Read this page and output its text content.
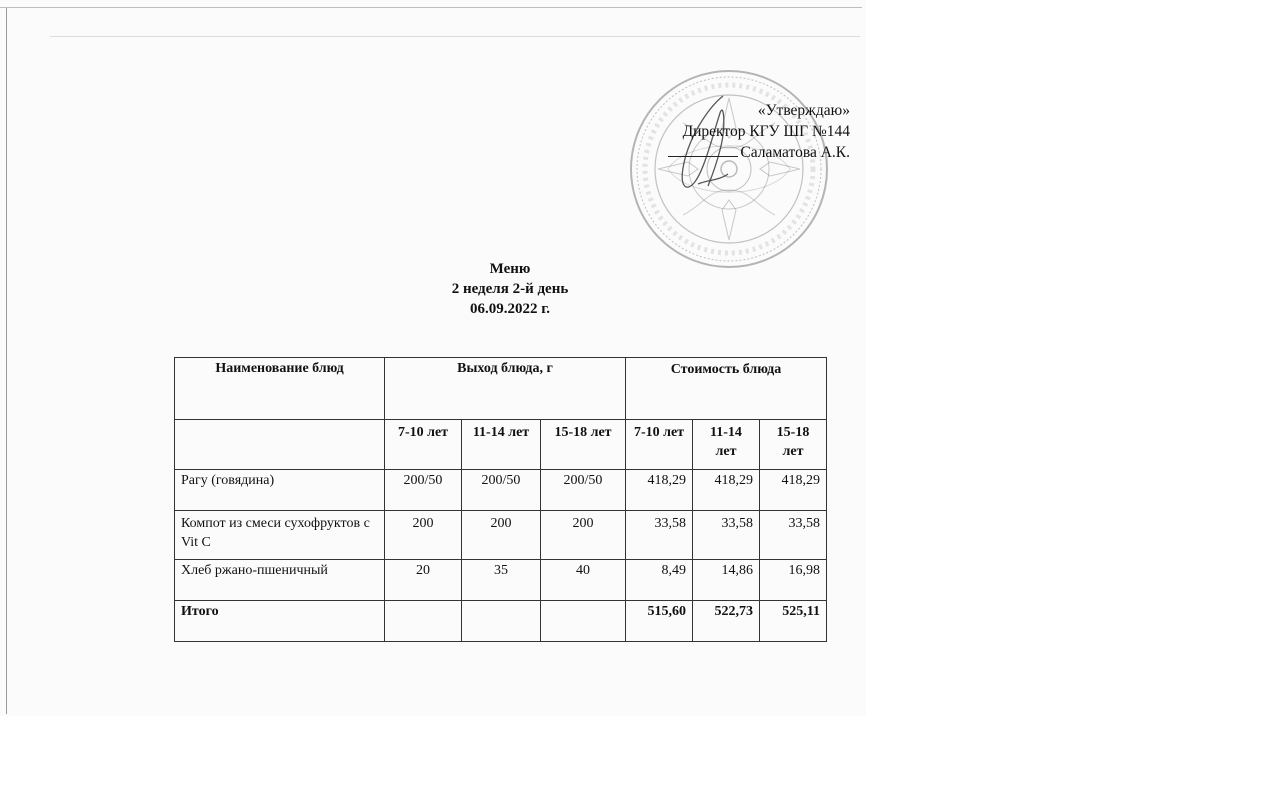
«Утверждаю»
Директор КГУ ШГ №144
Саламатова А.К.
Меню
2 неделя 2-й день
06.09.2022 г.
Наименование блюд	Выход блюда, г			Стоимость блюда		
	7-10 лет	11-14 лет	15-18 лет	7-10 лет	11-14 лет	15-18 лет
Рагу (говядина)	200/50	200/50	200/50	418,29	418,29	418,29
Компот из смеси сухофруктов с Vit C	200	200	200	33,58	33,58	33,58
Хлеб ржано-пшеничный	20	35	40	8,49	14,86	16,98
Итого				515,60	522,73	525,11
